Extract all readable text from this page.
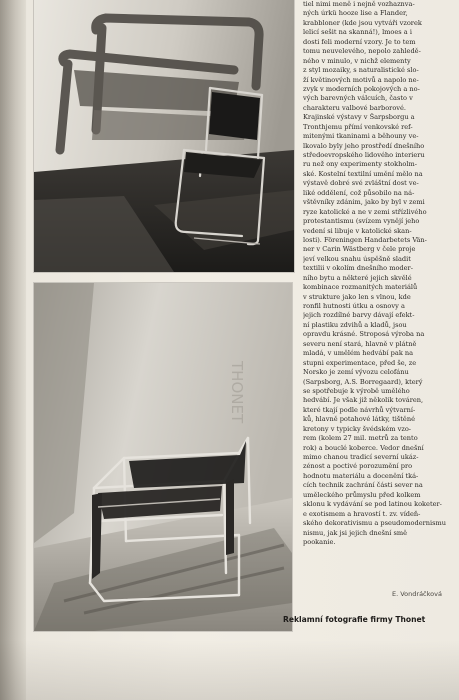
THONET
tiel nimi meně i nejně vozhaznva-
ných úrkü hooze lise a Flander,
krabbloner (kde jsou vytváři vzorek
lelicí sešit na skanná!), lmoes a i
dosti feli moderní vzory. Je to tem
tomu neuvelevého, nepolo zahledě-
ného v minulo, v nichž elementy
z styl mozaiky, s naturalistické slo-
ží květinových motivů a napolo ne-
zvyk v moderních pokojových a no-
vých barevných válcuích, často v
charakteru valbové barborové.
Krajinské výstavy v Šarpsborgu a
Tronthjemu přímí venkovské ref-
mitenými tkaninami a běhouny ve-
lkovalo byly jeho prostředí dnešního
středoevropského lidového interieru
ru než ony experimenty stokholm-
ské. Kostelní textilní umění mělo na
výstavě dobré své zvláštní dost ve-
liké oddělení, což působilo na ná-
vštěvníky zdánim, jako by byl v zemi
ryze katolické a ne v zemi střízlivého
protestantismu (svízem vynějí jeho
vedení si libuje v katolické skan-
losti). Föreningen Handarbetets Vän-
ner v Carin Wästberg v čele proje
jeví velkou snahu úspěšně sladit
textilii v okolím dnešního moder-
ního bytu a některé jejich skvělé
kombinace rozmanitých materiálů
v strukture jako len s vlnou, kde
ronfil hutnosti útku a osnovy a
jejich rozdílné barvy dávají efekt-
ní plastiku zdvihů a kladů, jsou
opravdu krásné. Stroposá výroba na
severu není stará, hlavně v plátně
mladá, v umělém hedvábí pak na
stupni experimentace, před še, ze
Norsko je zemí vývozu celofánu
(Sarpsborg, A.S. Borregaard), který
se spotřebuje k výrobě umělého
hedvábí. Je však již několik továren,
které tkají podle návrhů výtvarní-
ků, hlavně potahové látky, tištěné
kretony v typicky švédském vzo-
rem (kolem 27 mil. metrů za tento
rok) a bouclé koberce. Vedor dnešní
mimo chanou tradicí severní ukáz-
zénost a poctivé porozumění pro
hodnotu materiálu a docenění tká-
cích technik zachrání části sever na
uměleckého průmyslu před kolkem
sklonu k vydávání se pod latinou koketer-
e exotismem a hravostí t. zv. vídeň-
ského dekorativismu a pseudomodernismu
nismu, jak jsi jejich dnešní smě
pookanie.
E. Vondráčková
Reklamní fotografie firmy Thonet
